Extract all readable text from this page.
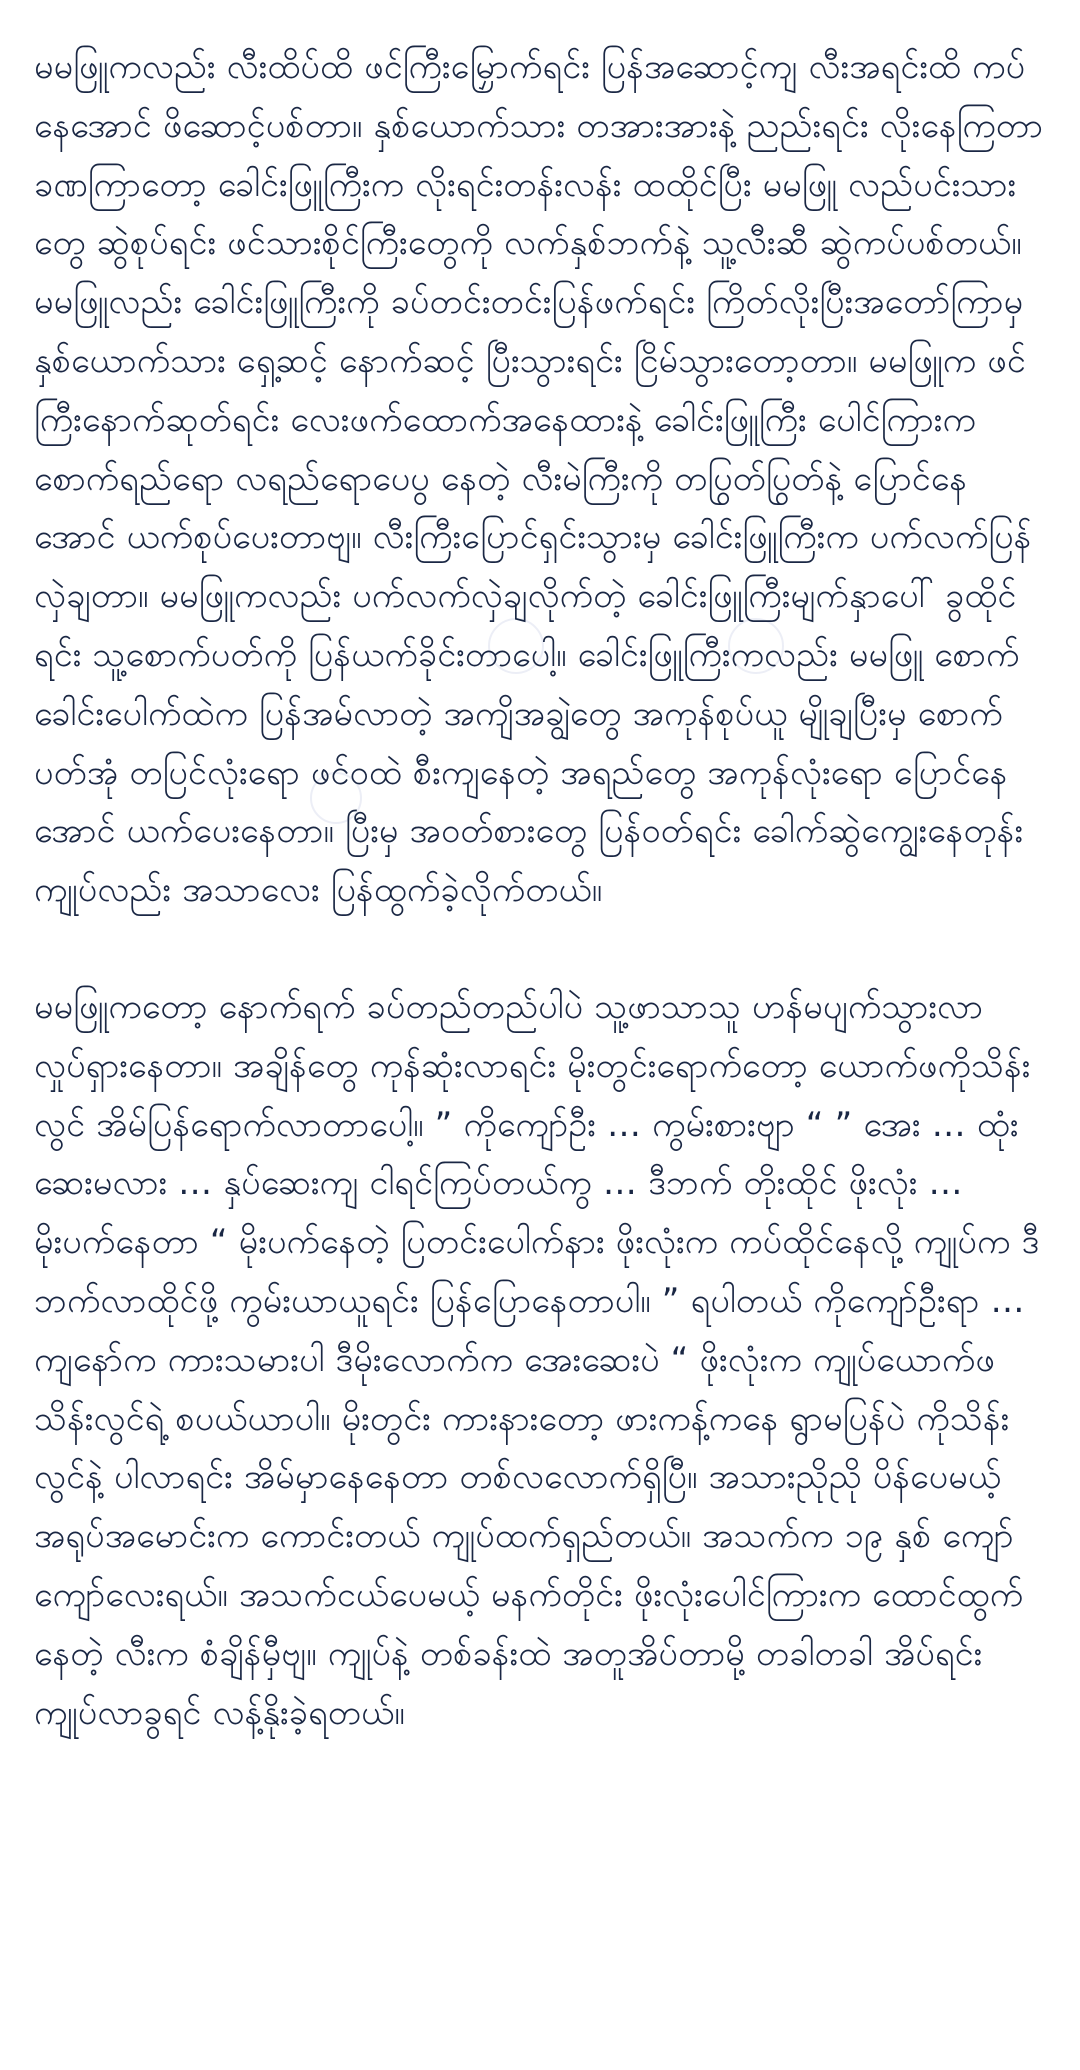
မမဖြူကလည်း လီးထိပ်ထိ ဖင်ကြီးမြှောက်ရင်း ပြန်အဆောင့်ကျ လီးအရင်းထိ ကပ်နေအောင် ဖိဆောင့်ပစ်တာ။ နှစ်ယောက်သား တအားအားနဲ့ ညည်းရင်း လိုးနေကြတာ ခဏကြာတော့ ခေါင်းဖြူကြီးက လိုးရင်းတန်းလန်း ထထိုင်ပြီး မမဖြူ လည်ပင်းသားတွေ ဆွဲစုပ်ရင်း ဖင်သားစိုင်ကြီးတွေကို လက်နှစ်ဘက်နဲ့ သူ့လီးဆီ ဆွဲကပ်ပစ်တယ်။ မမဖြူလည်း ခေါင်းဖြူကြီးကို ခပ်တင်းတင်းပြန်ဖက်ရင်း ကြိတ်လိုးပြီးအတော်ကြာမှ နှစ်ယောက်သား ရှေ့ဆင့် နောက်ဆင့် ပြီးသွားရင်း ငြိမ်သွားတော့တာ။ မမဖြူက ဖင်ကြီးနောက်ဆုတ်ရင်း လေးဖက်ထောက်အနေထားနဲ့ ခေါင်းဖြူကြီး ပေါင်ကြားက စောက်ရည်ရော လရည်ရောပေပွ နေတဲ့ လီးမဲကြီးကို တပြွတ်ပြွတ်နဲ့ ပြောင်နေအောင် ယက်စုပ်ပေးတာဗျ။ လီးကြီးပြောင်ရှင်းသွားမှ ခေါင်းဖြူကြီးက ပက်လက်ပြန်လှဲချတာ။ မမဖြူကလည်း ပက်လက်လှဲချလိုက်တဲ့ ခေါင်းဖြူကြီးမျက်နှာပေါ် ခွထိုင်ရင်း သူ့စောက်ပတ်ကို ပြန်ယက်ခိုင်းတာပေါ့။ ခေါင်းဖြူကြီးကလည်း မမဖြူ စောက်ခေါင်းပေါက်ထဲက ပြန်အမ်လာတဲ့ အကျိအချွဲတွေ အကုန်စုပ်ယူ မျိုချပြီးမှ စောက်ပတ်အုံ တပြင်လုံးရော ဖင်ဝထဲ စီးကျနေတဲ့ အရည်တွေ အကုန်လုံးရော ပြောင်နေအောင် ယက်ပေးနေတာ။ ပြီးမှ အဝတ်စားတွေ ပြန်ဝတ်ရင်း ခေါက်ဆွဲကျွေးနေတုန်း ကျုပ်လည်း အသာလေး ပြန်ထွက်ခဲ့လိုက်တယ်။

မမဖြူကတော့ နောက်ရက် ခပ်တည်တည်ပါပဲ သူ့ဖာသာသူ ဟန်မပျက်သွားလာလှုပ်ရှားနေတာ။ အချိန်တွေ ကုန်ဆုံးလာရင်း မိုးတွင်းရောက်တော့ ယောက်ဖကိုသိန်းလွင် အိမ်ပြန်ရောက်လာတာပေါ့။ ” ကိုကျော်ဦး … ကွမ်းစားဗျာ “ ” အေး … ထုံးဆေးမလား … နှပ်ဆေးကျ ငါရင်ကြပ်တယ်ကွ … ဒီဘက် တိုးထိုင် ဖိုးလုံး … မိုးပက်နေတာ “ မိုးပက်နေတဲ့ ပြတင်းပေါက်နား ဖိုးလုံးက ကပ်ထိုင်နေလို့ ကျုပ်က ဒီဘက်လာထိုင်ဖို့ ကွမ်းယာယူရင်း ပြန်ပြောနေတာပါ။ ” ရပါတယ် ကိုကျော်ဦးရာ … ကျနော်က ကားသမားပါ ဒီမိုးလောက်က အေးဆေးပဲ “ ဖိုးလုံးက ကျုပ်ယောက်ဖသိန်းလွင်ရဲ့ စပယ်ယာပါ။ မိုးတွင်း ကားနားတော့ ဖားကန့်ကနေ ရွာမပြန်ပဲ ကိုသိန်းလွင်နဲ့ ပါလာရင်း အိမ်မှာနေနေတာ တစ်လလောက်ရှိပြီ။ အသားညိုညို ပိန်ပေမယ့် အရုပ်အမောင်းက ကောင်းတယ် ကျုပ်ထက်ရှည်တယ်။ အသက်က ၁၉ နှစ် ကျော်ကျော်လေးရယ်။ အသက်ငယ်ပေမယ့် မနက်တိုင်း ဖိုးလုံးပေါင်ကြားက ထောင်ထွက်နေတဲ့ လီးက စံချိန်မှီဗျ။ ကျုပ်နဲ့ တစ်ခန်းထဲ အတူအိပ်တာမို့ တခါတခါ အိပ်ရင်း ကျုပ်လာခွရင် လန့်နိုးခဲ့ရတယ်။
